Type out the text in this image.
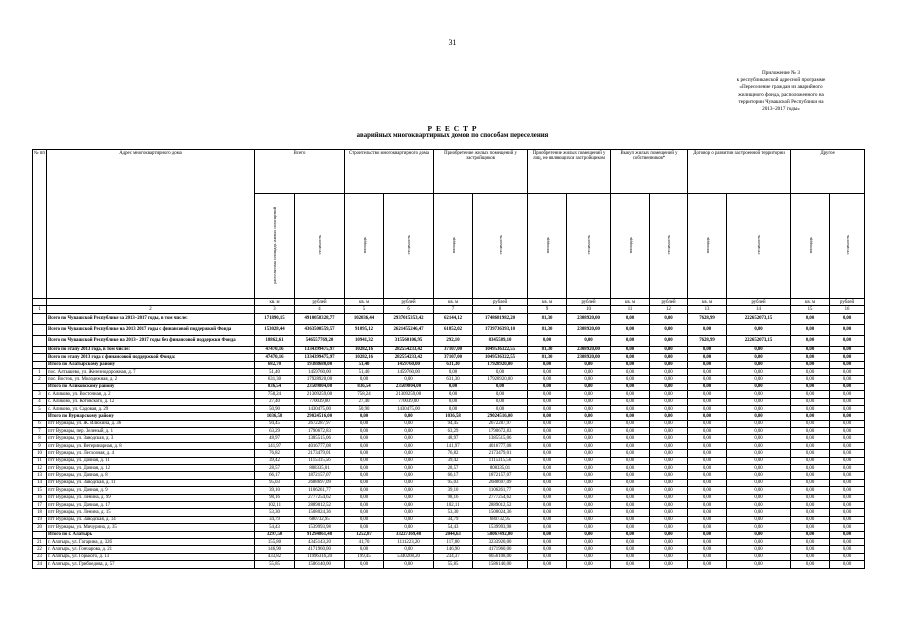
31
Приложение № 3
к республиканской адресной программе
«Переселение граждан из аварийного
жилищного фонда, расположенного на
территории Чувашской Республики на
2013–2017 годы»
Р Е Е С Т Р
аварийных многоквартирных домов по способам переселения
№ пп	Адрес многоквартирного дома	Всего		Строительство многоквартирного дома		Приобретение жилых помещений у застройщиков		Приобретение жилых помещений у лиц, не являющихся застройщиком		Выкуп жилых помещений у собственников*		Договор о развитии застроенной территории		Другое	
		расселяемая площадь жилых помещений	стоимость	площадь	стоимость	площадь	стоимость	площадь	стоимость	площадь	стоимость	площадь	стоимость	площадь	стоимость
		кв. м	рублей	кв. м	рублей	кв. м	рублей	кв. м	рублей	кв. м	рублей	кв. м	рублей	кв. м	рублей
1	2	3	4	5	6	7	8	9	10	11	12	13	14	15	16
	Всего по Чувашской Республике за 2013–2017 годы, в том числе:	171890,15	4910058328,77	102036,44	2937015353,42	62144,12	1748681982,20	81,30	2308920,00	0,00	0,00	7628,99	222652073,15	0,00	0,00
	Всего по Чувашской Республике на 2013 2017 годы с финансовой поддержкой Фонда	153028,44	4363500559,57	91095,12	2621455246,47	61852,02	1739736393,10	81,30	2308920,00	0,00	0,00	0,00	0,00	0,00	0,00
	Всего по Чувашской Республике на 2013– 2017 годы без финансовой поддержки Фонда	18862,61	546557769,20	10941,32	315560106,95	292,10	8345589,10	0,00	0,00	0,00	0,00	7628,99	222652073,15	0,00	0,00
	Всего по этапу 2013 года, в том числе:	47470,16	1334399475,97	10282,16	282554233,42	37107,00	1049536322,55	81,30	2308920,00	0,00	0,00	0,00	0,00	0,00	0,00
	Всего по этапу 2013 года с финансовой поддержкой Фонда:	47470,16	1334399475,97	10282,16	282554233,42	37107,00	1049536322,55	81,30	2308920,00	0,00	0,00	0,00	0,00	0,00	0,00
	Итого по Алатырскому району	682,70	19388680,00	51,40	1459760,00	631,30	17928920,00	0,00	0,00	0,00	0,00	0,00	0,00	0,00	0,00
1	пос. Алтышево, ул. Железнодорожная, д. 7	51,40	1459760,00	51,40	1459760,00	0,00	0,00	0,00	0,00	0,00	0,00	0,00	0,00	0,00	0,00
2	пос. Восток, ул. Молодежная, д. 2	631,30	17928920,00	0,00	0,00	631,30	17928920,00	0,00	0,00	0,00	0,00	0,00	0,00	0,00	0,00
	Итого по Аликовскому району	836,54	23509804,00	836,54	23509804,00	0,00	0,00	0,00	0,00	0,00	0,00	0,00	0,00	0,00	0,00
3	с. Аликово, ул. Восточная, д. 2	758,24	21309259,00	758,24	21309259,00	0,00	0,00	0,00	0,00	0,00	0,00	0,00	0,00	0,00	0,00
4	с. Аликово, ул. Котовского, д. 12	27,40	770039,00	27,40	770039,00	0,00	0,00	0,00	0,00	0,00	0,00	0,00	0,00	0,00	0,00
5	с. Аликово, ул. Садовая, д. 29	50,90	1430475,00	50,90	1430475,00	0,00	0,00	0,00	0,00	0,00	0,00	0,00	0,00	0,00	0,00
	Итого по Вурнарскому району	1036,58	29024516,00	0,00	0,00	1036,58	29024516,00	0,00	0,00	0,00	0,00	0,00	0,00	0,00	0,00
6	пгт Вурнары, ул. Ж. Илюхина, д. 36	94,45	2672287,97	0,00	0,00	94,45	2672287,97	0,00	0,00	0,00	0,00	0,00	0,00	0,00	0,00
7	пгт Вурнары, пер. Зеленый, д. 1	63,29	1790672,83	0,00	0,00	63,29	1790672,83	0,00	0,00	0,00	0,00	0,00	0,00	0,00	0,00
8	пгт Вурнары, ул. Заводская, д. 3	48,97	1385515,06	0,00	0,00	48,97	1385515,06	0,00	0,00	0,00	0,00	0,00	0,00	0,00	0,00
9	пгт Вурнары, ул. Ветеринарная, д. 8	141,97	4016777,08	0,00	0,00	141,97	4016777,08	0,00	0,00	0,00	0,00	0,00	0,00	0,00	0,00
10	пгт Вурнары, ул. Лесхозная, д. 4	76,82	2173479,01	0,00	0,00	76,82	2173479,01	0,00	0,00	0,00	0,00	0,00	0,00	0,00	0,00
11	пгт Вурнары, ул. Дачная, д. 11	39,42	1115315,56	0,00	0,00	39,42	1115315,56	0,00	0,00	0,00	0,00	0,00	0,00	0,00	0,00
12	пгт Вурнары, ул. Дачная, д. 12	28,57	808335,01	0,00	0,00	28,57	808335,01	0,00	0,00	0,00	0,00	0,00	0,00	0,00	0,00
13	пгт Вурнары, ул. Дачная, д. 8	66,17	1872157,07	0,00	0,00	66,17	1872157,07	0,00	0,00	0,00	0,00	0,00	0,00	0,00	0,00
14	пгт Вурнары, ул. Заводская, д. 11	95,03	2688697,09	0,00	0,00	95,03	2688697,09	0,00	0,00	0,00	0,00	0,00	0,00	0,00	0,00
15	пгт Вурнары, ул. Дачная, д. 9	39,10	1106261,77	0,00	0,00	39,10	1106261,77	0,00	0,00	0,00	0,00	0,00	0,00	0,00	0,00
16	пгт Вурнары, ул. Ленина, д. 99	98,16	2777254,62	0,00	0,00	98,16	2777254,62	0,00	0,00	0,00	0,00	0,00	0,00	0,00	0,00
17	пгт Вурнары, ул. Дачная, д. 17	102,11	2889012,52	0,00	0,00	102,11	2889012,52	0,00	0,00	0,00	0,00	0,00	0,00	0,00	0,00
18	пгт Вурнары, ул. Ленина, д. 15	53,30	1508024,36	0,00	0,00	53,30	1508024,36	0,00	0,00	0,00	0,00	0,00	0,00	0,00	0,00
19	пгт Вурнары, ул. Заводская, д. 14	34,79	680732,95	0,00	0,00	34,79	680732,95	0,00	0,00	0,00	0,00	0,00	0,00	0,00	0,00
20	пгт Вурнары, ул. Мичурина, д. 35	54,43	1539993,98	0,00	0,00	54,43	1539993,98	0,00	0,00	0,00	0,00	0,00	0,00	0,00	0,00
	Итого по г. Алатырь	3297,50	91294861,48	1252,87	33227369,48	2044,63	58067492,00	0,00	0,00	0,00	0,00	0,00	0,00	0,00	0,00
21	г. Алатырь, ул. Гагарина, д. 32б	155,80	4345143,20	41,70	1111223,20	117,80	3233920,00	0,00	0,00	0,00	0,00	0,00	0,00	0,00	0,00
22	г. Алатырь, ул. Гончарова, д. 21	146,90	4171960,00	0,00	0,00	146,90	4171960,00	0,00	0,00	0,00	0,00	0,00	0,00	0,00	0,00
23	г. Алатырь, ул. Горького, д. 13	433,82	11996316,20	199,45	5340208,20	234,37	6656108,00	0,00	0,00	0,00	0,00	0,00	0,00	0,00	0,00
24	г. Алатырь, ул. Грибоедова, д. 57	55,85	1586140,00	0,00	0,00	55,85	1586140,00	0,00	0,00	0,00	0,00	0,00	0,00	0,00	0,00
